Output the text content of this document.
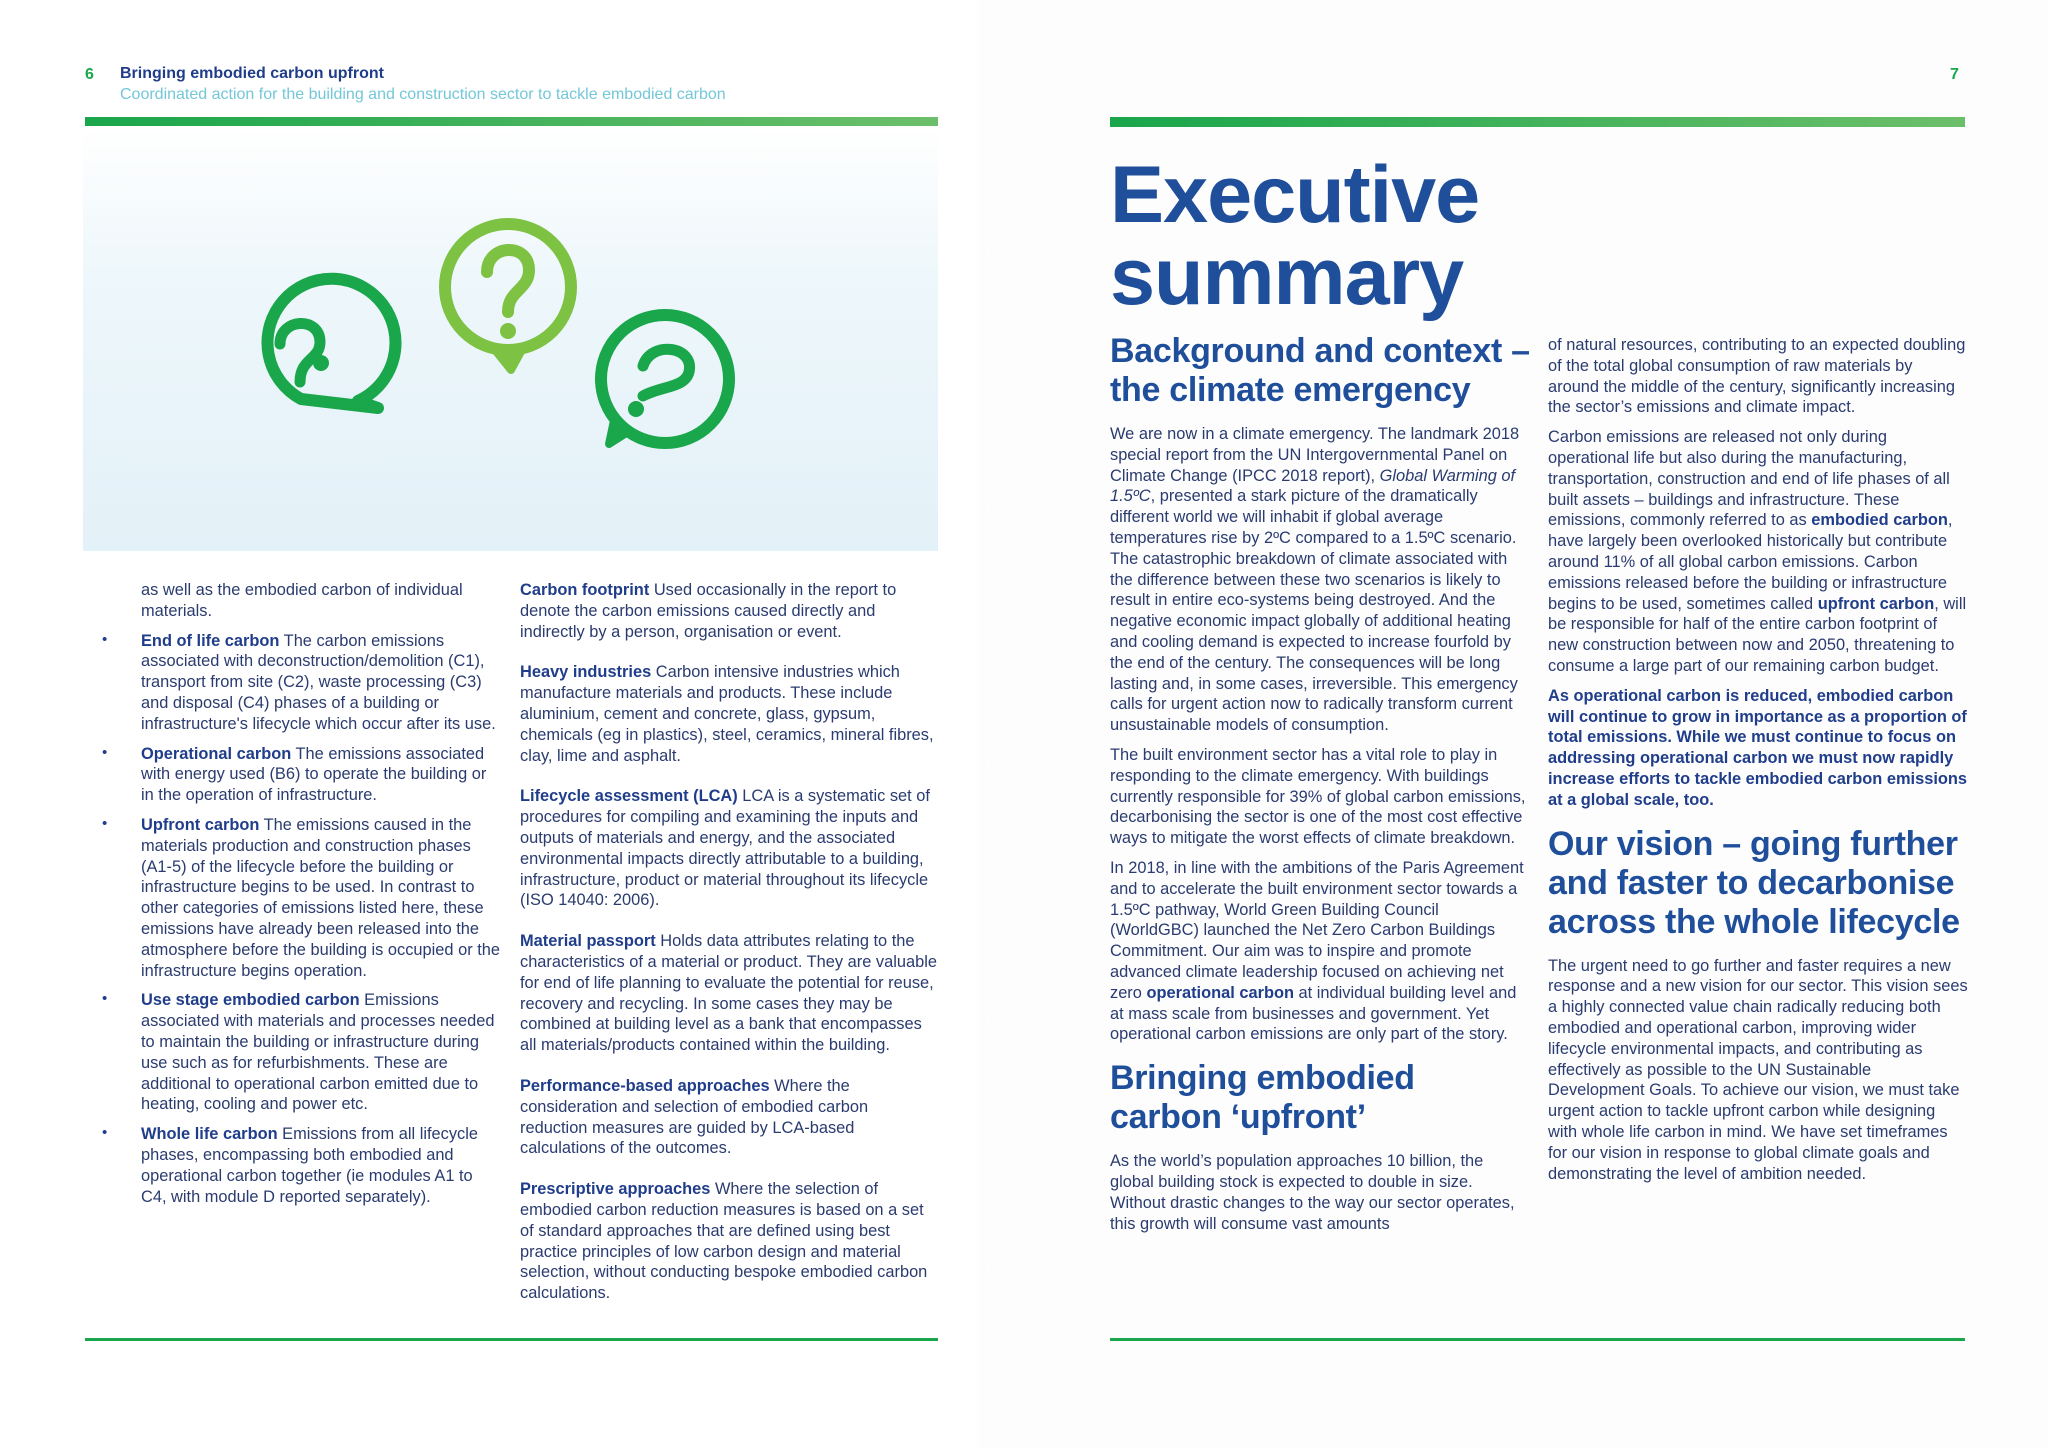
6 Bringing embodied carbon upfront
Coordinated action for the building and construction sector to tackle embodied carbon

as well as the embodied carbon of individual materials.

• End of life carbon The carbon emissions associated with deconstruction/demolition (C1), transport from site (C2), waste processing (C3) and disposal (C4) phases of a building or infrastructure's lifecycle which occur after its use.
• Operational carbon The emissions associated with energy used (B6) to operate the building or in the operation of infrastructure.
• Upfront carbon The emissions caused in the materials production and construction phases (A1-5) of the lifecycle before the building or infrastructure begins to be used. In contrast to other categories of emissions listed here, these emissions have already been released into the atmosphere before the building is occupied or the infrastructure begins operation.
• Use stage embodied carbon Emissions associated with materials and processes needed to maintain the building or infrastructure during use such as for refurbishments. These are additional to operational carbon emitted due to heating, cooling and power etc.
• Whole life carbon Emissions from all lifecycle phases, encompassing both embodied and operational carbon together (ie modules A1 to C4, with module D reported separately).

Carbon footprint Used occasionally in the report to denote the carbon emissions caused directly and indirectly by a person, organisation or event.

Heavy industries Carbon intensive industries which manufacture materials and products. These include aluminium, cement and concrete, glass, gypsum, chemicals (eg in plastics), steel, ceramics, mineral fibres, clay, lime and asphalt.

Lifecycle assessment (LCA) LCA is a systematic set of procedures for compiling and examining the inputs and outputs of materials and energy, and the associated environmental impacts directly attributable to a building, infrastructure, product or material throughout its lifecycle (ISO 14040: 2006).

Material passport Holds data attributes relating to the characteristics of a material or product. They are valuable for end of life planning to evaluate the potential for reuse, recovery and recycling. In some cases they may be combined at building level as a bank that encompasses all materials/products contained within the building.

Performance-based approaches Where the consideration and selection of embodied carbon reduction measures are guided by LCA-based calculations of the outcomes.

Prescriptive approaches Where the selection of embodied carbon reduction measures is based on a set of standard approaches that are defined using best practice principles of low carbon design and material selection, without conducting bespoke embodied carbon calculations.

7
Executive
summary
Background and context –
the climate emergency

We are now in a climate emergency. The landmark 2018 special report from the UN Intergovernmental Panel on Climate Change (IPCC 2018 report), Global Warming of 1.5ºC, presented a stark picture of the dramatically different world we will inhabit if global average temperatures rise by 2ºC compared to a 1.5ºC scenario. The catastrophic breakdown of climate associated with the difference between these two scenarios is likely to result in entire eco-systems being destroyed. And the negative economic impact globally of additional heating and cooling demand is expected to increase fourfold by the end of the century. The consequences will be long lasting and, in some cases, irreversible. This emergency calls for urgent action now to radically transform current unsustainable models of consumption.

The built environment sector has a vital role to play in responding to the climate emergency. With buildings currently responsible for 39% of global carbon emissions, decarbonising the sector is one of the most cost effective ways to mitigate the worst effects of climate breakdown.

In 2018, in line with the ambitions of the Paris Agreement and to accelerate the built environment sector towards a 1.5ºC pathway, World Green Building Council (WorldGBC) launched the Net Zero Carbon Buildings Commitment. Our aim was to inspire and promote advanced climate leadership focused on achieving net zero operational carbon at individual building level and at mass scale from businesses and government. Yet operational carbon emissions are only part of the story.

Bringing embodied
carbon ‘upfront’

As the world’s population approaches 10 billion, the global building stock is expected to double in size. Without drastic changes to the way our sector operates, this growth will consume vast amounts

of natural resources, contributing to an expected doubling of the total global consumption of raw materials by around the middle of the century, significantly increasing the sector’s emissions and climate impact.

Carbon emissions are released not only during operational life but also during the manufacturing, transportation, construction and end of life phases of all built assets – buildings and infrastructure. These emissions, commonly referred to as embodied carbon, have largely been overlooked historically but contribute around 11% of all global carbon emissions. Carbon emissions released before the building or infrastructure begins to be used, sometimes called upfront carbon, will be responsible for half of the entire carbon footprint of new construction between now and 2050, threatening to consume a large part of our remaining carbon budget.

As operational carbon is reduced, embodied carbon will continue to grow in importance as a proportion of total emissions. While we must continue to focus on addressing operational carbon we must now rapidly increase efforts to tackle embodied carbon emissions at a global scale, too.

Our vision – going further
and faster to decarbonise
across the whole lifecycle

The urgent need to go further and faster requires a new response and a new vision for our sector. This vision sees a highly connected value chain radically reducing both embodied and operational carbon, improving wider lifecycle environmental impacts, and contributing as effectively as possible to the UN Sustainable Development Goals. To achieve our vision, we must take urgent action to tackle upfront carbon while designing with whole life carbon in mind. We have set timeframes for our vision in response to global climate goals and demonstrating the level of ambition needed.
